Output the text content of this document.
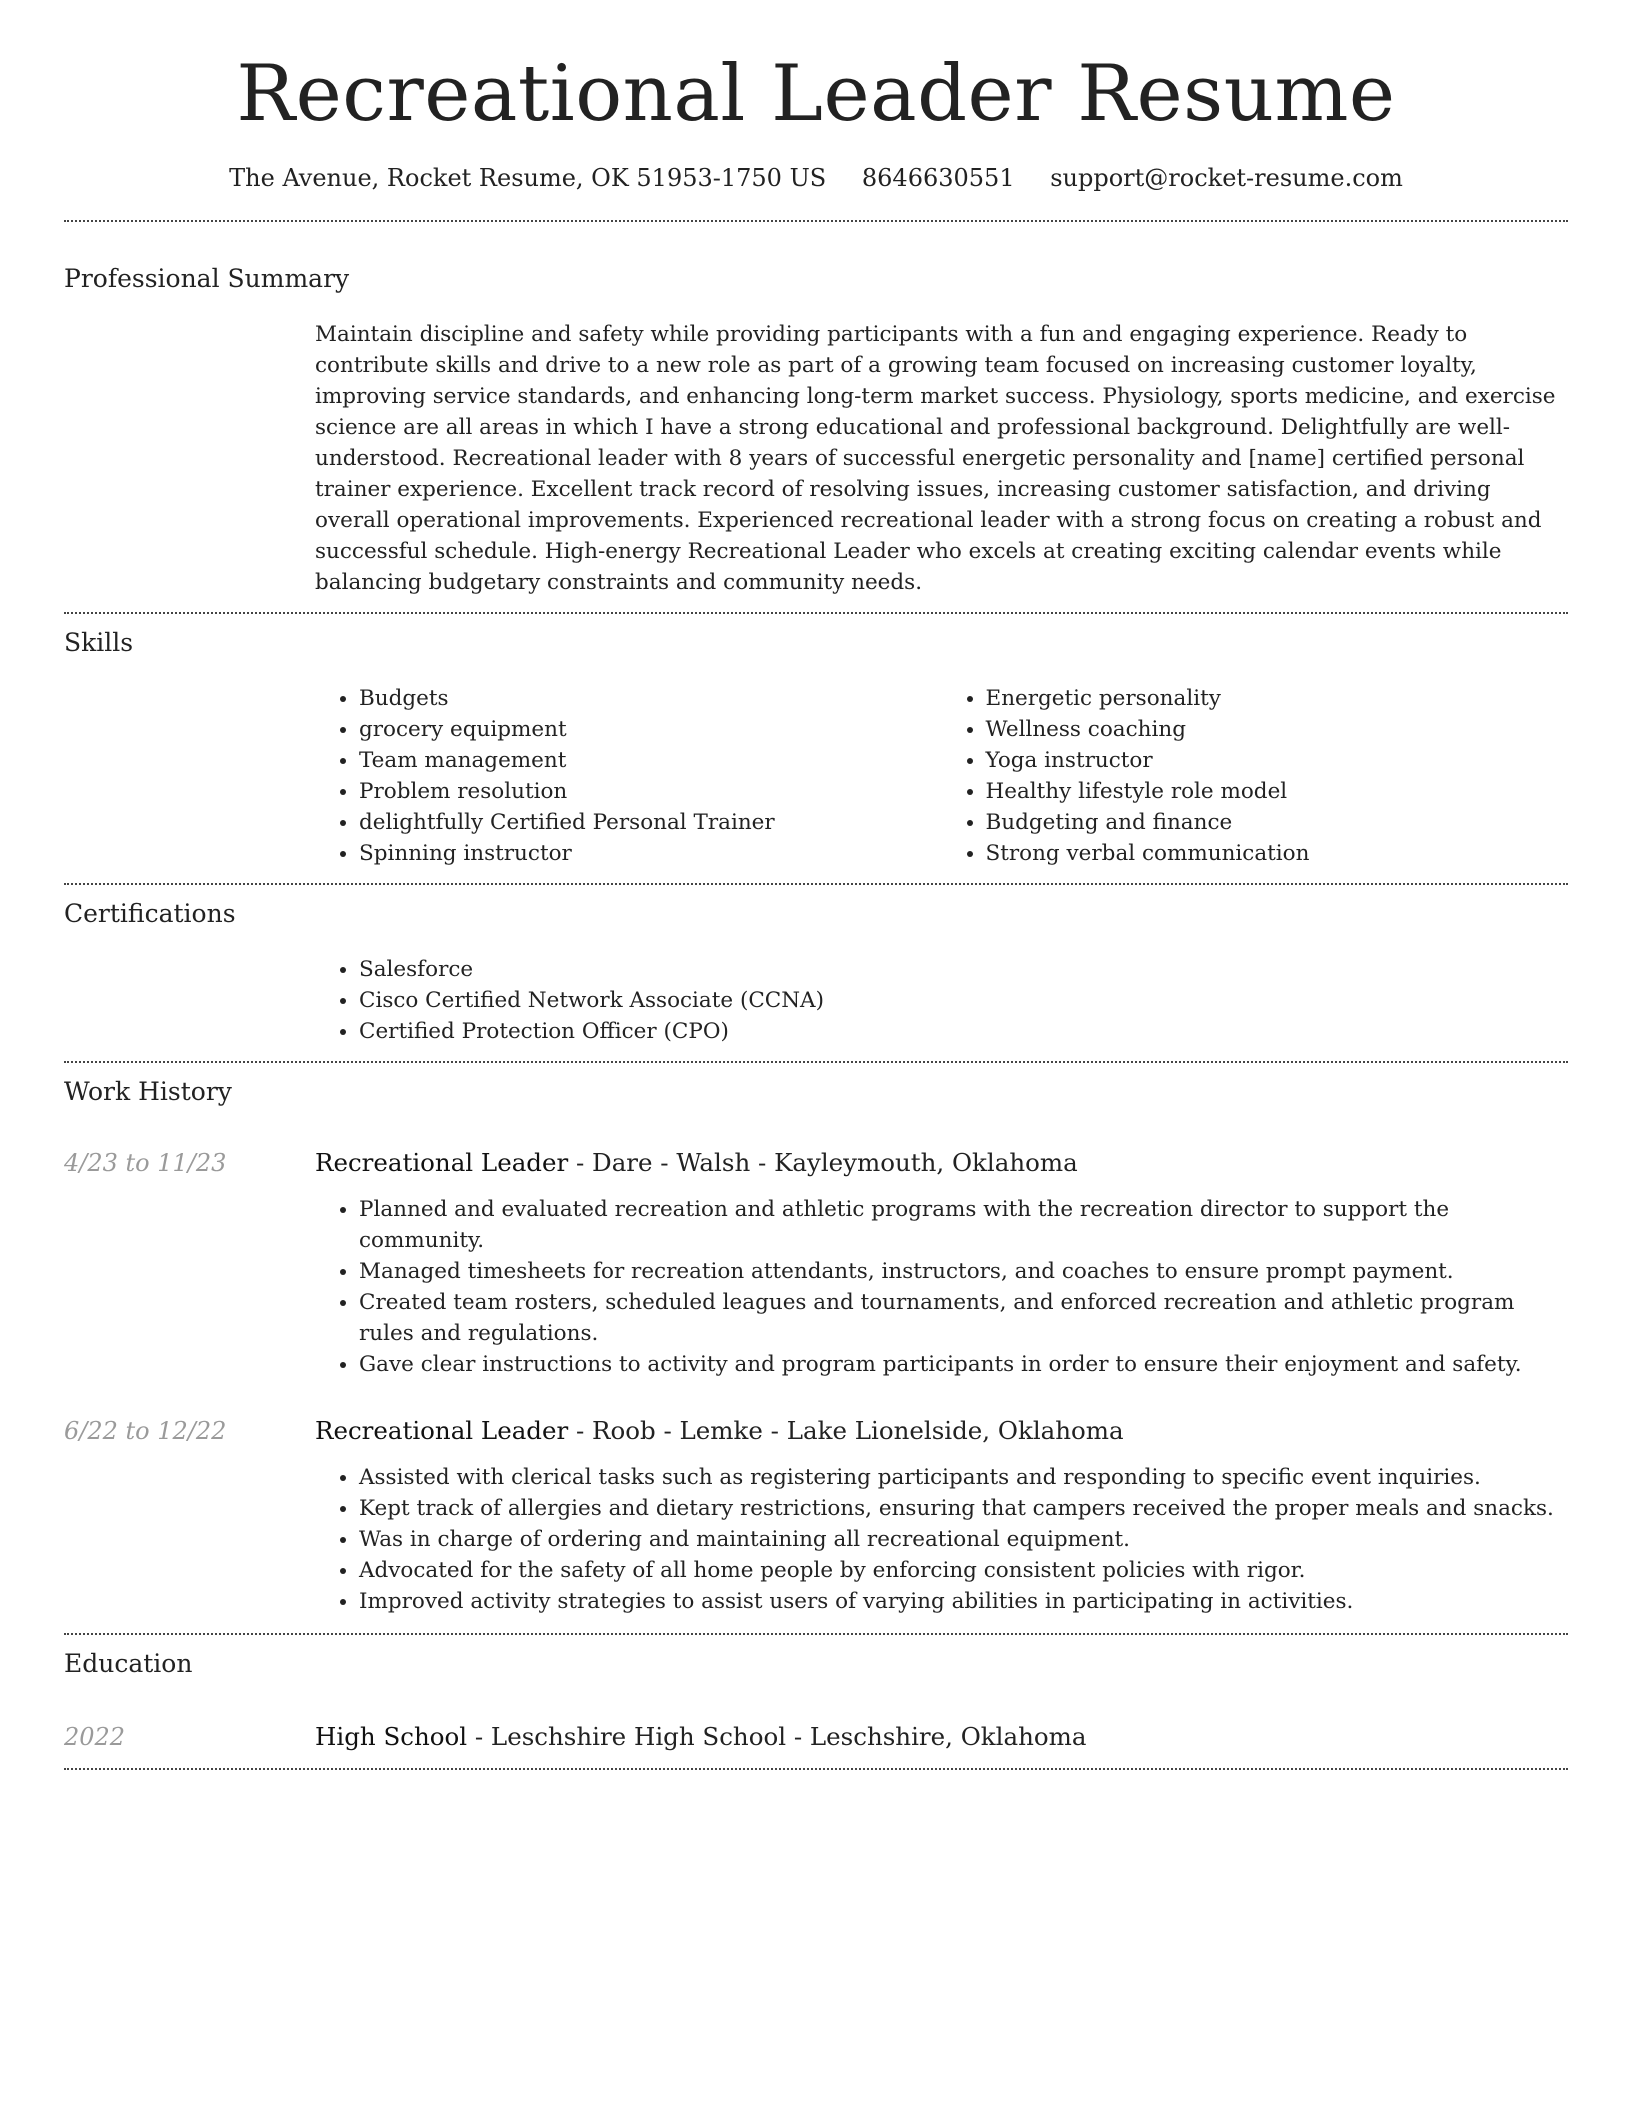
Recreational Leader Resume
The Avenue, Rocket Resume, OK 51953-1750 US 8646630551 support@rocket-resume.com
Professional Summary

Maintain discipline and safety while providing participants with a fun and engaging experience. Ready to contribute skills and drive to a new role as part of a growing team focused on increasing customer loyalty, improving service standards, and enhancing long-term market success. Physiology, sports medicine, and exercise science are all areas in which I have a strong educational and professional background. Delightfully are well-understood. Recreational leader with 8 years of successful energetic personality and [name] certified personal trainer experience. Excellent track record of resolving issues, increasing customer satisfaction, and driving overall operational improvements. Experienced recreational leader with a strong focus on creating a robust and successful schedule. High-energy Recreational Leader who excels at creating exciting calendar events while balancing budgetary constraints and community needs.

Skills
• Budgets
• grocery equipment
• Team management
• Problem resolution
• delightfully Certified Personal Trainer
• Spinning instructor
• Energetic personality
• Wellness coaching
• Yoga instructor
• Healthy lifestyle role model
• Budgeting and finance
• Strong verbal communication
Certifications
• Salesforce
• Cisco Certified Network Associate (CCNA)
• Certified Protection Officer (CPO)
Work History
4/23 to 11/23	Recreational Leader - Dare - Walsh - Kayleymouth, Oklahoma
• Planned and evaluated recreation and athletic programs with the recreation director to support the community.
• Managed timesheets for recreation attendants, instructors, and coaches to ensure prompt payment.
• Created team rosters, scheduled leagues and tournaments, and enforced recreation and athletic program rules and regulations.
• Gave clear instructions to activity and program participants in order to ensure their enjoyment and safety.
6/22 to 12/22	Recreational Leader - Roob - Lemke - Lake Lionelside, Oklahoma
• Assisted with clerical tasks such as registering participants and responding to specific event inquiries.
• Kept track of allergies and dietary restrictions, ensuring that campers received the proper meals and snacks.
• Was in charge of ordering and maintaining all recreational equipment.
• Advocated for the safety of all home people by enforcing consistent policies with rigor.
• Improved activity strategies to assist users of varying abilities in participating in activities.
Education
2022	High School - Leschshire High School - Leschshire, Oklahoma
